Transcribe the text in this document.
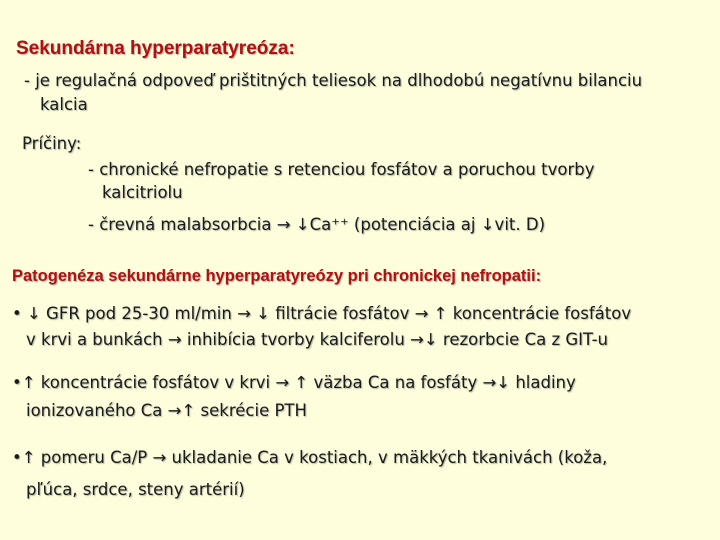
Sekundárna hyperparatyreóza:
- je regulačná odpoveď prištitných teliesok na dlhodobú negatívnu bilanciu
kalcia
Príčiny:
- chronické nefropatie s retenciou fosfátov a poruchou tvorby
kalcitriolu
- črevná malabsorbcia → ↓Ca⁺⁺ (potenciácia aj ↓vit. D)
Patogenéza sekundárne hyperparatyreózy pri chronickej nefropatii:
• ↓ GFR pod 25-30 ml/min → ↓ filtrácie fosfátov → ↑ koncentrácie fosfátov
v krvi a bunkách → inhibícia tvorby kalciferolu →↓ rezorbcie Ca z GIT-u
•↑ koncentrácie fosfátov v krvi → ↑ väzba Ca na fosfáty →↓ hladiny
ionizovaného Ca →↑ sekrécie PTH
•↑ pomeru Ca/P → ukladanie Ca v kostiach, v mäkkých tkanivách (koža,
pľúca, srdce, steny artérií)
